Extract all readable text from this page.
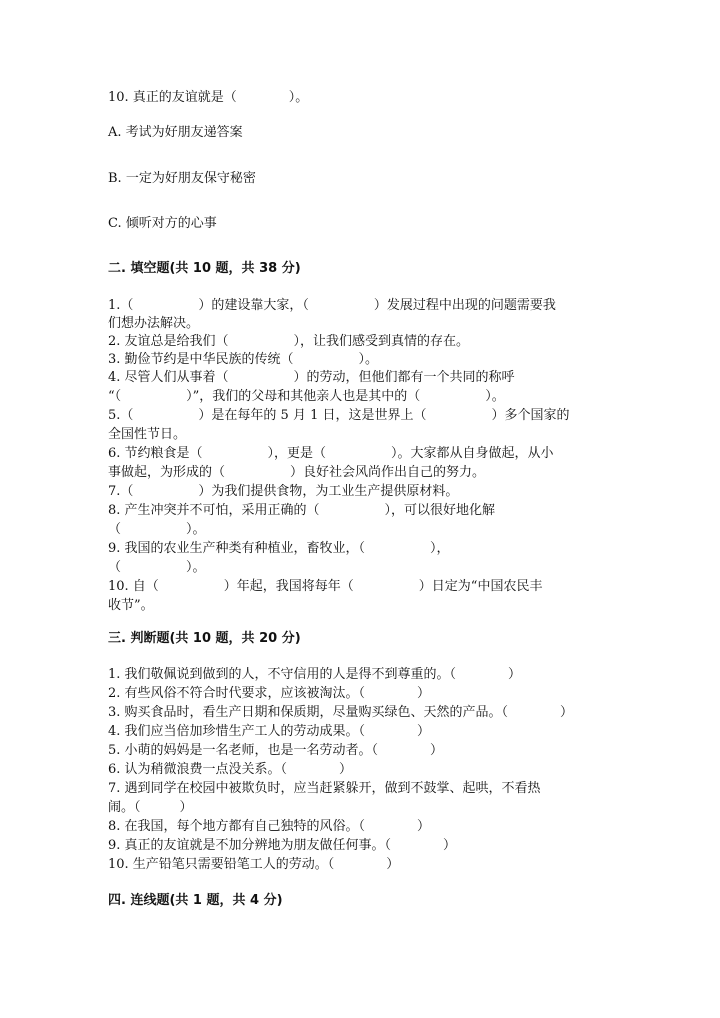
10. 真正的友谊就是（　　　　）。
A. 考试为好朋友递答案
B. 一定为好朋友保守秘密
C. 倾听对方的心事
二. 填空题(共 10 题，共 38 分)
1.（　　　　　）的建设靠大家，（　　　　　）发展过程中出现的问题需要我
们想办法解决。
2. 友谊总是给我们（　　　　　），让我们感受到真情的存在。
3. 勤俭节约是中华民族的传统（　　　　　）。
4. 尽管人们从事着（　　　　　）的劳动，但他们都有一个共同的称呼
“（　　　　　）”，我们的父母和其他亲人也是其中的（　　　　　）。
5.（　　　　　）是在每年的 5 月 1 日，这是世界上（　　　　　）多个国家的
全国性节日。
6. 节约粮食是（　　　　　），更是（　　　　　）。大家都从自身做起，从小
事做起，为形成的（　　　　　）良好社会风尚作出自己的努力。
7.（　　　　　）为我们提供食物，为工业生产提供原材料。
8. 产生冲突并不可怕，采用正确的（　　　　　），可以很好地化解
（　　　　　）。
9. 我国的农业生产种类有种植业，畜牧业，（　　　　　），
（　　　　　）。
10. 自（　　　　　）年起，我国将每年（　　　　　）日定为“中国农民丰
收节”。
三. 判断题(共 10 题，共 20 分)
1. 我们敬佩说到做到的人，不守信用的人是得不到尊重的。（　　　　）
2. 有些风俗不符合时代要求，应该被淘汰。（　　　　）
3. 购买食品时，看生产日期和保质期，尽量购买绿色、天然的产品。（　　　　）
4. 我们应当倍加珍惜生产工人的劳动成果。（　　　　）
5. 小萌的妈妈是一名老师，也是一名劳动者。（　　　　）
6. 认为稍微浪费一点没关系。（　　　　）
7. 遇到同学在校园中被欺负时，应当赶紧躲开，做到不鼓掌、起哄，不看热
闹。（　　　）
8. 在我国，每个地方都有自己独特的风俗。（　　　　）
9. 真正的友谊就是不加分辨地为朋友做任何事。（　　　　）
10. 生产铅笔只需要铅笔工人的劳动。（　　　　）
四. 连线题(共 1 题，共 4 分)
